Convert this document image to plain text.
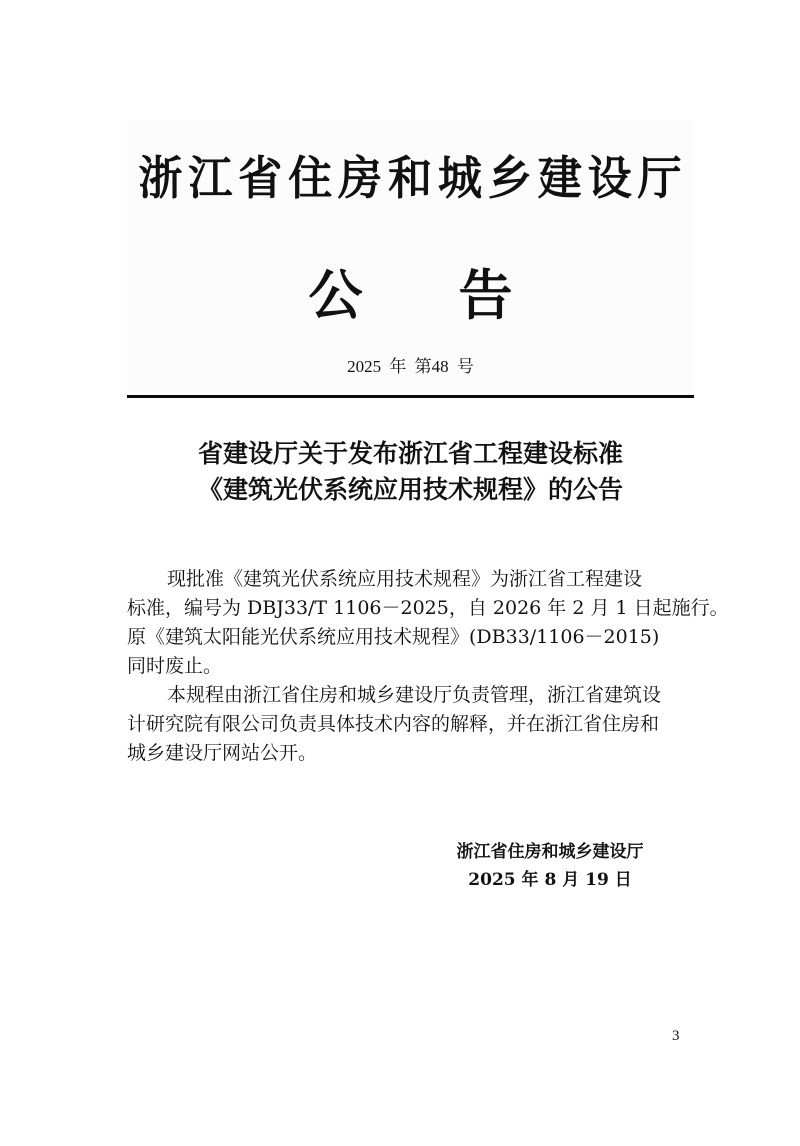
浙江省住房和城乡建设厅
公 告
2025 年 第48 号
省建设厅关于发布浙江省工程建设标准
《建筑光伏系统应用技术规程》的公告

现批准《建筑光伏系统应用技术规程》为浙江省工程建设
标准，编号为 DBJ33/T 1106－2025，自 2026 年 2 月 1 日起施行。
原《建筑太阳能光伏系统应用技术规程》(DB33/1106－2015)
同时废止。

本规程由浙江省住房和城乡建设厅负责管理，浙江省建筑设
计研究院有限公司负责具体技术内容的解释，并在浙江省住房和
城乡建设厅网站公开。

浙江省住房和城乡建设厅
2025 年 8 月 19 日
3
